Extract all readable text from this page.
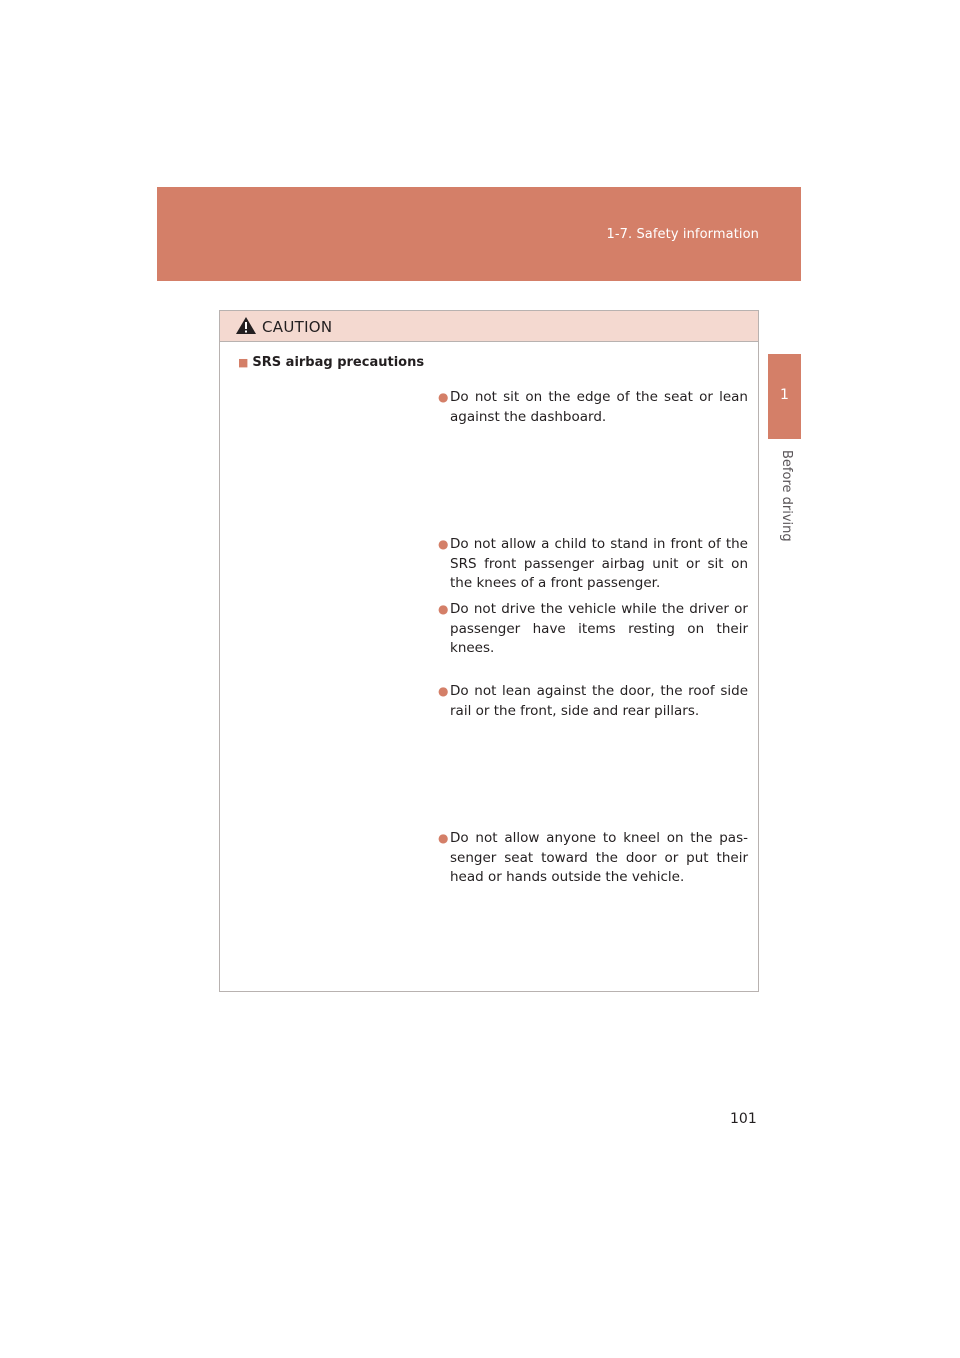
1-7. Safety information
1
Before driving
CAUTION
■ SRS airbag precautions
● Do not sit on the edge of the seat or lean against the dashboard.
● Do not allow a child to stand in front of the SRS front passenger airbag unit or sit on the knees of a front passenger.
● Do not drive the vehicle while the driver or passenger have items resting on their knees.
● Do not lean against the door, the roof side rail or the front, side and rear pillars.
● Do not allow anyone to kneel on the pas-senger seat toward the door or put their head or hands outside the vehicle.
101
